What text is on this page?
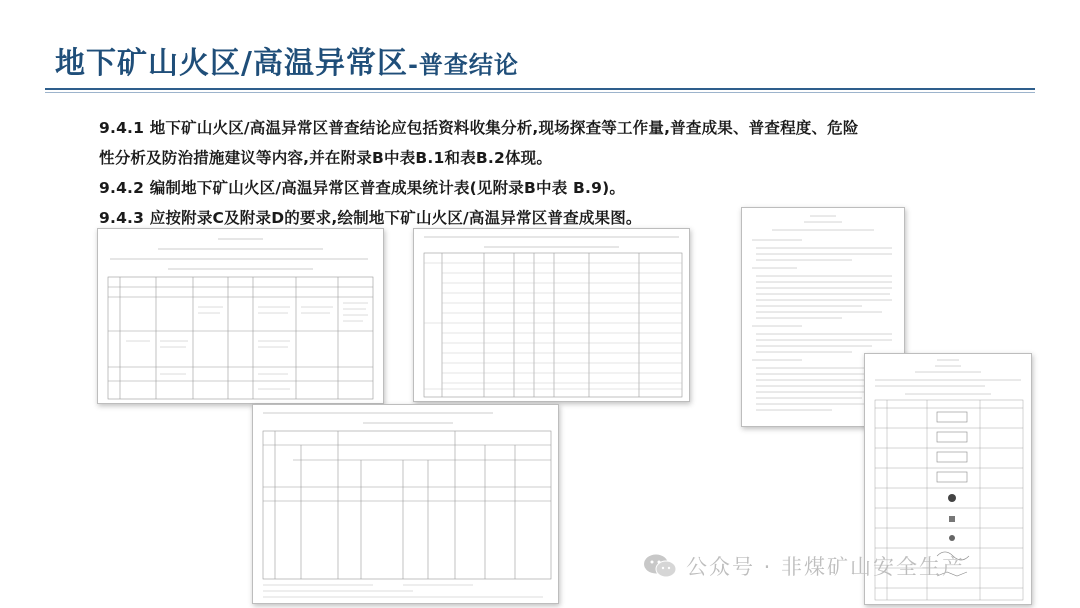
地下矿山火区/高温异常区-普查结论
9.4.1 地下矿山火区/高温异常区普查结论应包括资料收集分析,现场探查等工作量,普查成果、普查程度、危险
性分析及防治措施建议等内容,并在附录B中表B.1和表B.2体现。
9.4.2 编制地下矿山火区/高温异常区普查成果统计表(见附录B中表 B.9)。
9.4.3 应按附录C及附录D的要求,绘制地下矿山火区/高温异常区普查成果图。
公众号 · 非煤矿山安全生产
